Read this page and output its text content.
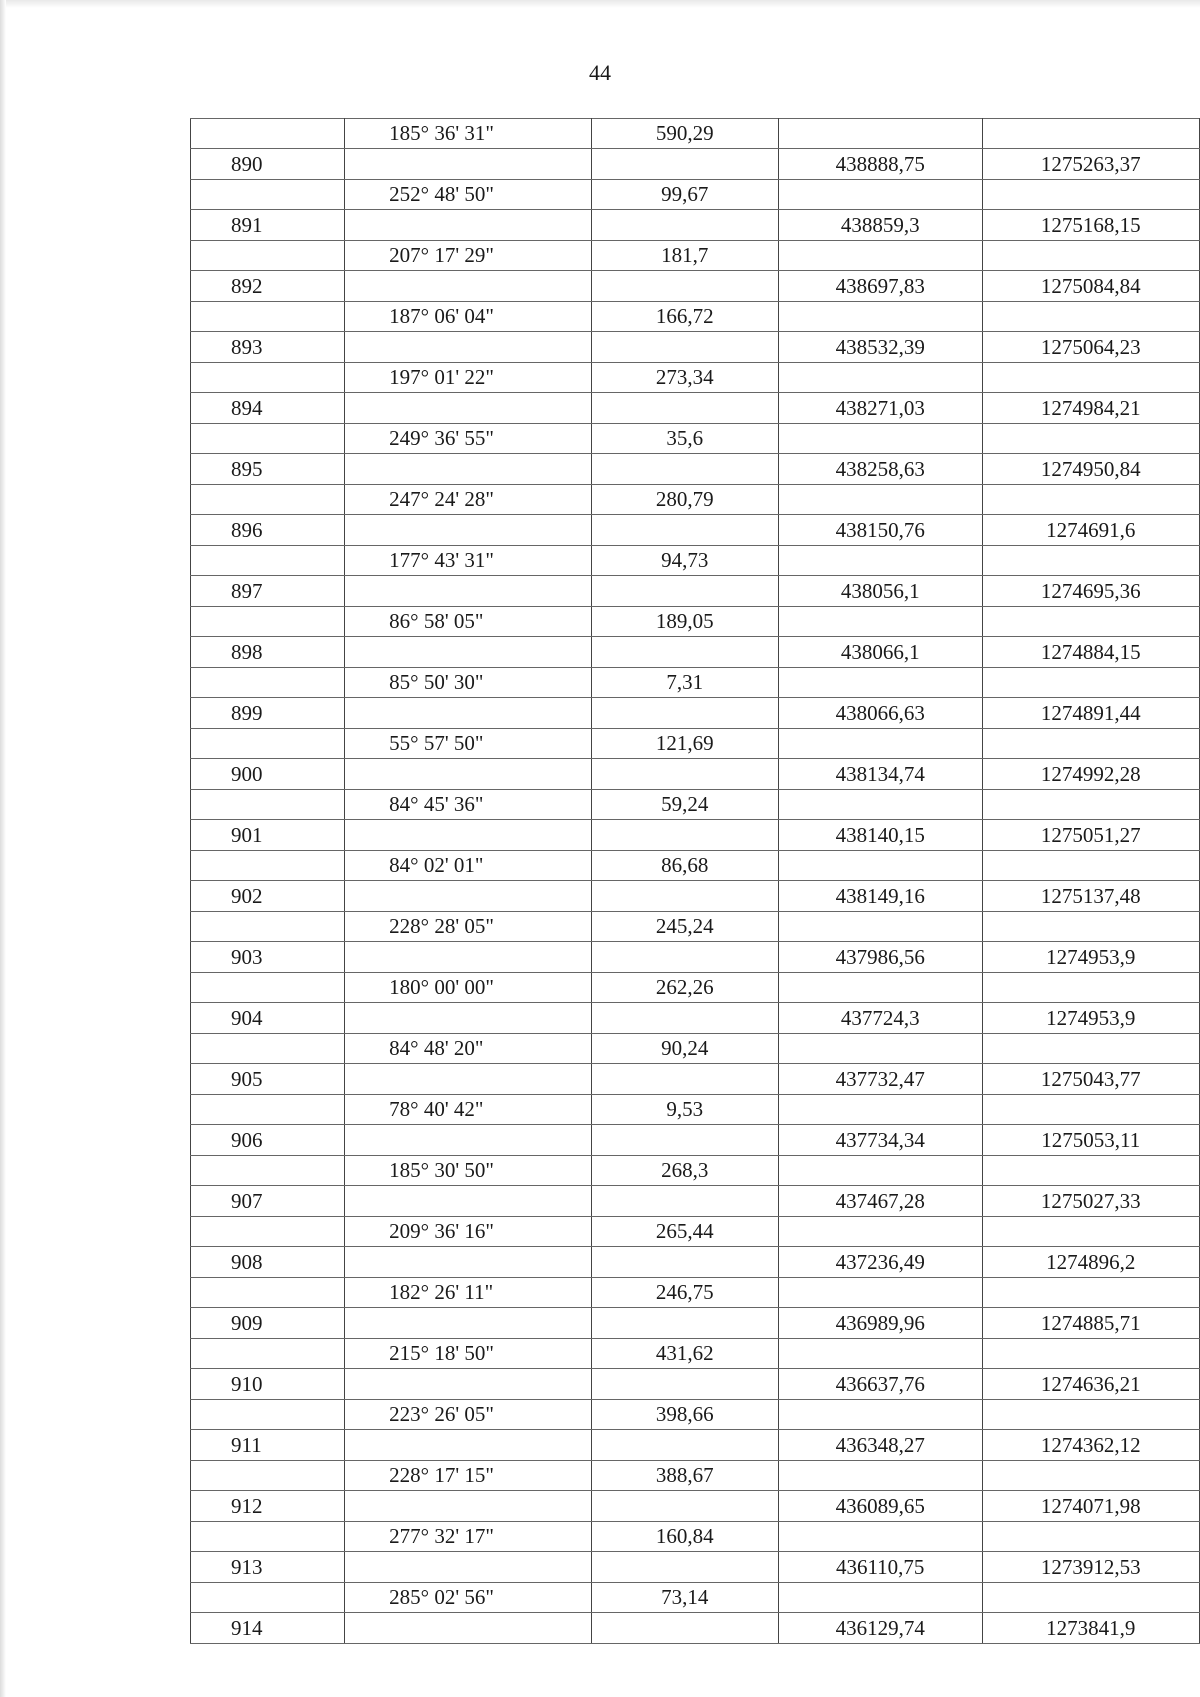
44
	185° 36' 31"	590,29		
890			438888,75	1275263,37
	252° 48' 50"	99,67		
891			438859,3	1275168,15
	207° 17' 29"	181,7		
892			438697,83	1275084,84
	187° 06' 04"	166,72		
893			438532,39	1275064,23
	197° 01' 22"	273,34		
894			438271,03	1274984,21
	249° 36' 55"	35,6		
895			438258,63	1274950,84
	247° 24' 28"	280,79		
896			438150,76	1274691,6
	177° 43' 31"	94,73		
897			438056,1	1274695,36
	86° 58' 05"	189,05		
898			438066,1	1274884,15
	85° 50' 30"	7,31		
899			438066,63	1274891,44
	55° 57' 50"	121,69		
900			438134,74	1274992,28
	84° 45' 36"	59,24		
901			438140,15	1275051,27
	84° 02' 01"	86,68		
902			438149,16	1275137,48
	228° 28' 05"	245,24		
903			437986,56	1274953,9
	180° 00' 00"	262,26		
904			437724,3	1274953,9
	84° 48' 20"	90,24		
905			437732,47	1275043,77
	78° 40' 42"	9,53		
906			437734,34	1275053,11
	185° 30' 50"	268,3		
907			437467,28	1275027,33
	209° 36' 16"	265,44		
908			437236,49	1274896,2
	182° 26' 11"	246,75		
909			436989,96	1274885,71
	215° 18' 50"	431,62		
910			436637,76	1274636,21
	223° 26' 05"	398,66		
911			436348,27	1274362,12
	228° 17' 15"	388,67		
912			436089,65	1274071,98
	277° 32' 17"	160,84		
913			436110,75	1273912,53
	285° 02' 56"	73,14		
914			436129,74	1273841,9
